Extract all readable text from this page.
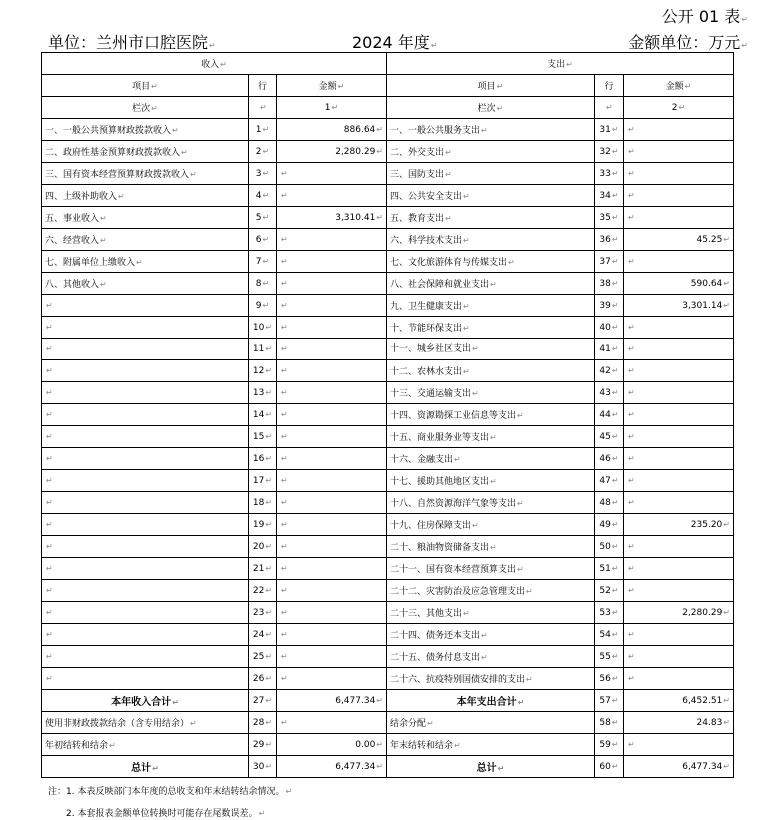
公开 01 表 ↵
单位：兰州市口腔医院 ↵	2024 年度 ↵	金额单位：万元 ↵
收入 ↵			支出 ↵
项目 ↵	行	金额 ↵	项目 ↵	行	金额 ↵
栏次 ↵	↵	1 ↵	栏次 ↵	↵	2 ↵
一、一般公共预算财政拨款收入 ↵	1 ↵	886.64 ↵	一、一般公共服务支出 ↵	31 ↵	↵
二、政府性基金预算财政拨款收入 ↵	2 ↵	2,280.29 ↵	二、外交支出 ↵	32 ↵	↵
三、国有资本经营预算财政拨款收入 ↵	3 ↵	↵	三、国防支出 ↵	33 ↵	↵
四、上级补助收入 ↵	4 ↵	↵	四、公共安全支出 ↵	34 ↵	↵
五、事业收入 ↵	5 ↵	3,310.41 ↵	五、教育支出 ↵	35 ↵	↵
六、经营收入 ↵	6 ↵	↵	六、科学技术支出 ↵	36 ↵	45.25 ↵
七、附属单位上缴收入 ↵	7 ↵	↵	七、文化旅游体育与传媒支出 ↵	37 ↵	↵
八、其他收入 ↵	8 ↵	↵	八、社会保障和就业支出 ↵	38 ↵	590.64 ↵
↵	9 ↵	↵	九、卫生健康支出 ↵	39 ↵	3,301.14 ↵
↵	10 ↵	↵	十、节能环保支出 ↵	40 ↵	↵
↵	11 ↵	↵	十一、城乡社区支出 ↵	41 ↵	↵
↵	12 ↵	↵	十二、农林水支出 ↵	42 ↵	↵
↵	13 ↵	↵	十三、交通运输支出 ↵	43 ↵	↵
↵	14 ↵	↵	十四、资源勘探工业信息等支出 ↵	44 ↵	↵
↵	15 ↵	↵	十五、商业服务业等支出 ↵	45 ↵	↵
↵	16 ↵	↵	十六、金融支出 ↵	46 ↵	↵
↵	17 ↵	↵	十七、援助其他地区支出 ↵	47 ↵	↵
↵	18 ↵	↵	十八、自然资源海洋气象等支出 ↵	48 ↵	↵
↵	19 ↵	↵	十九、住房保障支出 ↵	49 ↵	235.20 ↵
↵	20 ↵	↵	二十、粮油物资储备支出 ↵	50 ↵	↵
↵	21 ↵	↵	二十一、国有资本经营预算支出 ↵	51 ↵	↵
↵	22 ↵	↵	二十二、灾害防治及应急管理支出 ↵	52 ↵	↵
↵	23 ↵	↵	二十三、其他支出 ↵	53 ↵	2,280.29 ↵
↵	24 ↵	↵	二十四、债务还本支出 ↵	54 ↵	↵
↵	25 ↵	↵	二十五、债务付息支出 ↵	55 ↵	↵
↵	26 ↵	↵	二十六、抗疫特别国债安排的支出 ↵	56 ↵	↵
本年收入合计 ↵	27 ↵	6,477.34 ↵	本年支出合计 ↵	57 ↵	6,452.51 ↵
使用非财政拨款结余（含专用结余） ↵	28 ↵	↵	结余分配 ↵	58 ↵	24.83 ↵
年初结转和结余 ↵	29 ↵	0.00 ↵	年末结转和结余 ↵	59 ↵	↵
总计 ↵	30 ↵	6,477.34 ↵	总计 ↵	60 ↵	6,477.34 ↵
注：1. 本表反映部门本年度的总收支和年末结转结余情况。 ↵
2. 本套报表金额单位转换时可能存在尾数误差。 ↵
